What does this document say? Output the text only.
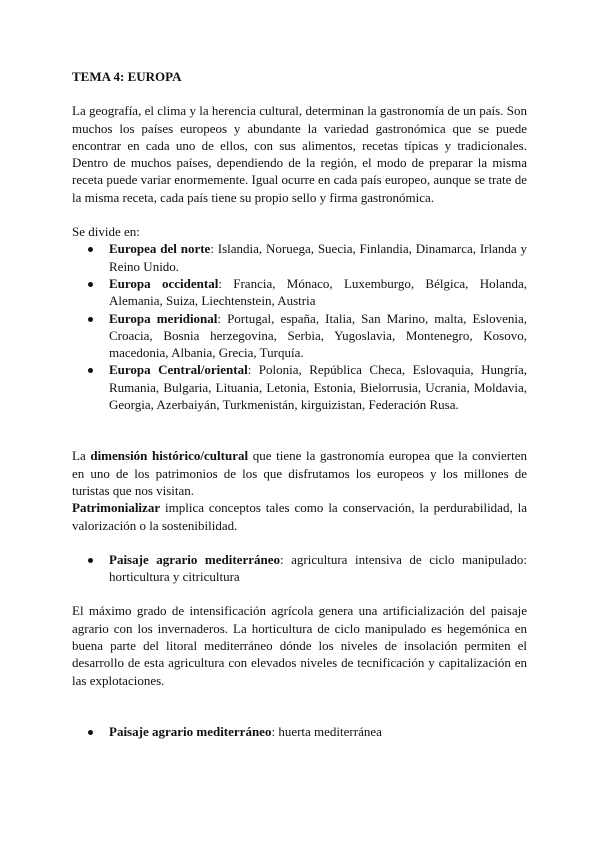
TEMA 4: EUROPA

La geografía, el clima y la herencia cultural, determinan la gastronomía de un país. Son muchos los países europeos y abundante la variedad gastronómica que se puede encontrar en cada uno de ellos, con sus alimentos, recetas típicas y tradicionales. Dentro de muchos países, dependiendo de la región, el modo de preparar la misma receta puede variar enormemente. Igual ocurre en cada país europeo, aunque se trate de la misma receta, cada país tiene su propio sello y firma gastronómica.

Se divide en:

Europea del norte: Islandia, Noruega, Suecia, Finlandia, Dinamarca, Irlanda y Reino Unido.
Europa occidental: Francia, Mónaco, Luxemburgo, Bélgica, Holanda, Alemania, Suiza, Liechtenstein, Austria
Europa meridional: Portugal, españa, Italia, San Marino, malta, Eslovenia, Croacia, Bosnia herzegovina, Serbia, Yugoslavia, Montenegro, Kosovo, macedonia, Albania, Grecia, Turquía.
Europa Central/oriental: Polonia, República Checa, Eslovaquia, Hungría, Rumania, Bulgaria, Lituania, Letonia, Estonia, Bielorrusia, Ucrania, Moldavia, Georgia, Azerbaiyán, Turkmenistán, kirguizistan, Federación Rusa.

La dimensión histórico/cultural que tiene la gastronomía europea que la convierten en uno de los patrimonios de los que disfrutamos los europeos y los millones de turistas que nos visitan.

Patrimonializar implica conceptos tales como la conservación, la perdurabilidad, la valorización o la sostenibilidad.

Paisaje agrario mediterráneo: agricultura intensiva de ciclo manipulado: horticultura y citricultura

El máximo grado de intensificación agrícola genera una artificialización del paisaje agrario con los invernaderos. La horticultura de ciclo manipulado es hegemónica en buena parte del litoral mediterráneo dónde los niveles de insolación permiten el desarrollo de esta agricultura con elevados niveles de tecnificación y capitalización en las explotaciones.

Paisaje agrario mediterráneo: huerta mediterránea
